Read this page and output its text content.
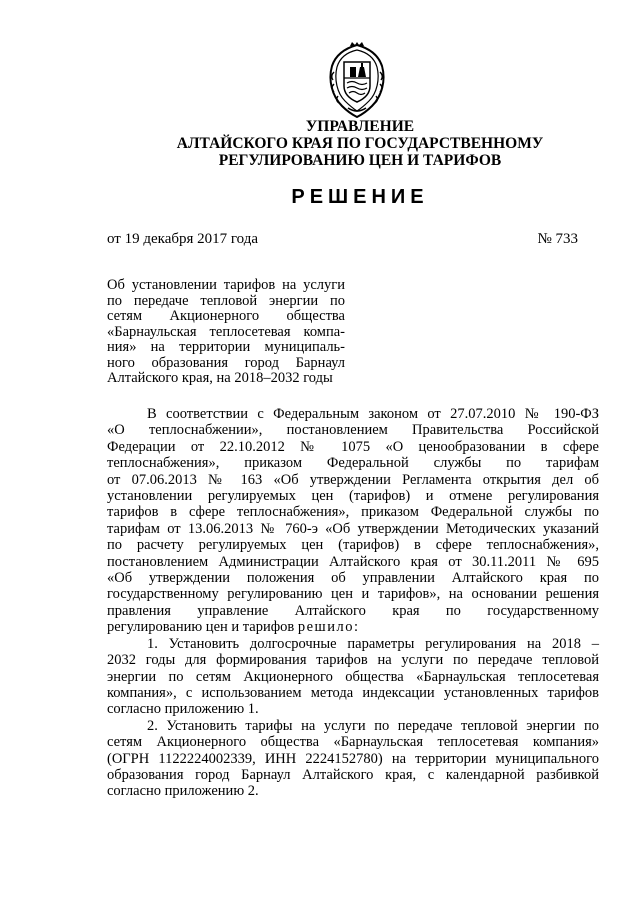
УПРАВЛЕНИЕ
АЛТАЙСКОГО КРАЯ ПО ГОСУДАРСТВЕННОМУ
РЕГУЛИРОВАНИЮ ЦЕН И ТАРИФОВ
РЕШЕНИЕ
от 19 декабря 2017 года	№ 733
Об установлении тарифов на услуги
по передаче тепловой энергии по
сетям Акционерного общества
«Барнаульская теплосетевая компа-
ния» на территории муниципаль-
ного образования город Барнаул
Алтайского края, на 2018–2032 годы
В соответствии с Федеральным законом от 27.07.2010 № 190-ФЗ
«О теплоснабжении», постановлением Правительства Российской
Федерации от 22.10.2012 № 1075 «О ценообразовании в сфере
теплоснабжения», приказом Федеральной службы по тарифам
от 07.06.2013 № 163 «Об утверждении Регламента открытия дел об
установлении регулируемых цен (тарифов) и отмене регулирования
тарифов в сфере теплоснабжения», приказом Федеральной службы по
тарифам от 13.06.2013 № 760-э «Об утверждении Методических указаний
по расчету регулируемых цен (тарифов) в сфере теплоснабжения»,
постановлением Администрации Алтайского края от 30.11.2011 № 695
«Об утверждении положения об управлении Алтайского края по
государственному регулированию цен и тарифов», на основании решения
правления управление Алтайского края по государственному
регулированию цен и тарифов решило:
1. Установить долгосрочные параметры регулирования на 2018 –
2032 годы для формирования тарифов на услуги по передаче тепловой
энергии по сетям Акционерного общества «Барнаульская теплосетевая
компания», с использованием метода индексации установленных тарифов
согласно приложению 1.
2. Установить тарифы на услуги по передаче тепловой энергии по
сетям Акционерного общества «Барнаульская теплосетевая компания»
(ОГРН 1122224002339, ИНН 2224152780) на территории муниципального
образования город Барнаул Алтайского края, с календарной разбивкой
согласно приложению 2.
